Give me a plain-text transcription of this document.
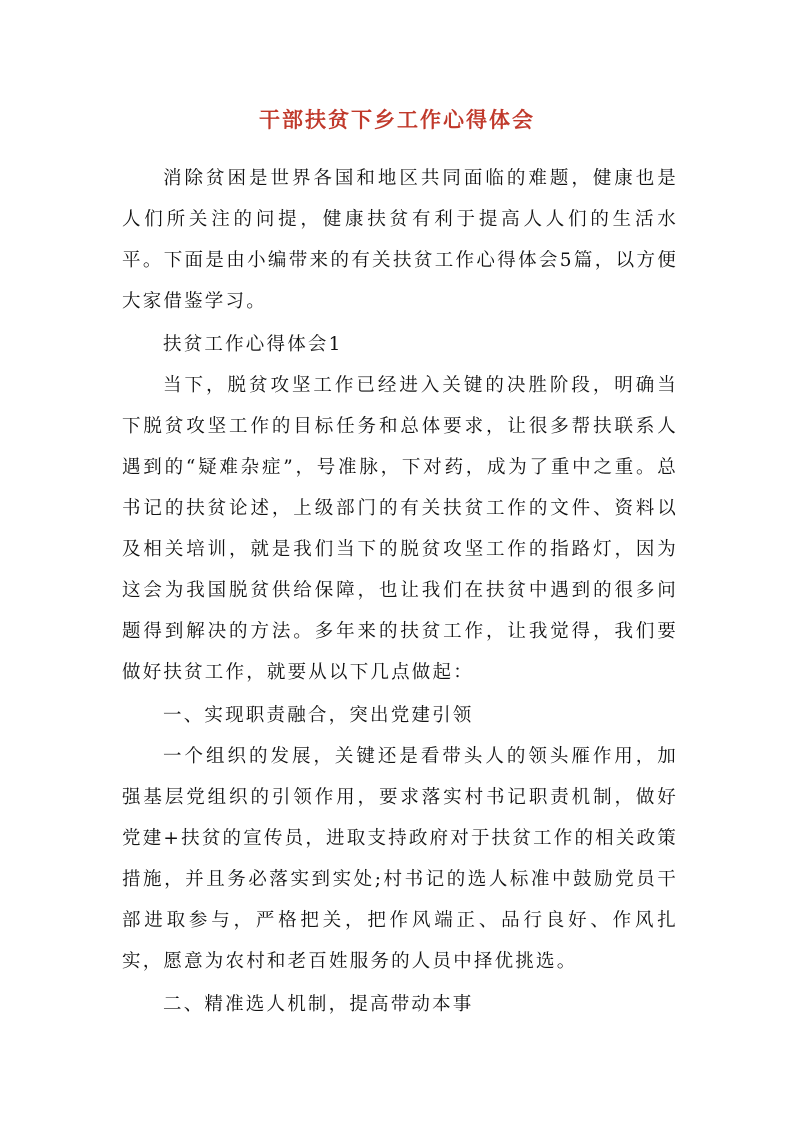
干部扶贫下乡工作心得体会

消除贫困是世界各国和地区共同面临的难题，健康也是人们所关注的问提，健康扶贫有利于提高人人们的生活水平。下面是由小编带来的有关扶贫工作心得体会5篇，以方便大家借鉴学习。

扶贫工作心得体会1

当下，脱贫攻坚工作已经进入关键的决胜阶段，明确当下脱贫攻坚工作的目标任务和总体要求，让很多帮扶联系人遇到的“疑难杂症”，号准脉，下对药，成为了重中之重。总书记的扶贫论述，上级部门的有关扶贫工作的文件、资料以及相关培训，就是我们当下的脱贫攻坚工作的指路灯，因为这会为我国脱贫供给保障，也让我们在扶贫中遇到的很多问题得到解决的方法。多年来的扶贫工作，让我觉得，我们要做好扶贫工作，就要从以下几点做起：

一、实现职责融合，突出党建引领

一个组织的发展，关键还是看带头人的领头雁作用，加强基层党组织的引领作用，要求落实村书记职责机制，做好党建+扶贫的宣传员，进取支持政府对于扶贫工作的相关政策措施，并且务必落实到实处;村书记的选人标准中鼓励党员干部进取参与，严格把关，把作风端正、品行良好、作风扎实，愿意为农村和老百姓服务的人员中择优挑选。

二、精准选人机制，提高带动本事
